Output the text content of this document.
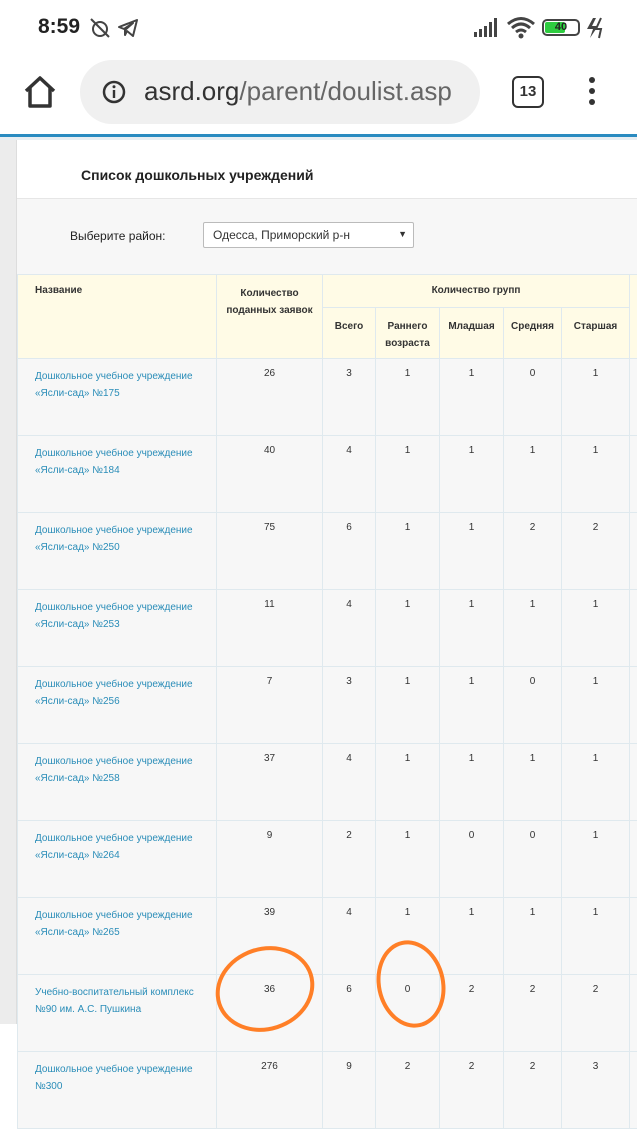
8:59	40
asrd.org/parent/doulist.asp	13
Список дошкольных учреждений
Выберите район:	Одесса, Приморский р-н	▼
Название	Количество поданных заявок	Количество групп					
		Всего	Раннего возраста	Младшая	Средняя	Старшая	
Дошкольное учебное учреждение «Ясли-сад» №175	26	3	1	1	0	1	
Дошкольное учебное учреждение «Ясли-сад» №184	40	4	1	1	1	1	
Дошкольное учебное учреждение «Ясли-сад» №250	75	6	1	1	2	2	
Дошкольное учебное учреждение «Ясли-сад» №253	11	4	1	1	1	1	
Дошкольное учебное учреждение «Ясли-сад» №256	7	3	1	1	0	1	
Дошкольное учебное учреждение «Ясли-сад» №258	37	4	1	1	1	1	
Дошкольное учебное учреждение «Ясли-сад» №264	9	2	1	0	0	1	
Дошкольное учебное учреждение «Ясли-сад» №265	39	4	1	1	1	1	
Учебно-воспитательный комплекс №90 им. А.С. Пушкина	36	6	0	2	2	2	
Дошкольное учебное учреждение №300	276	9	2	2	2	3	
